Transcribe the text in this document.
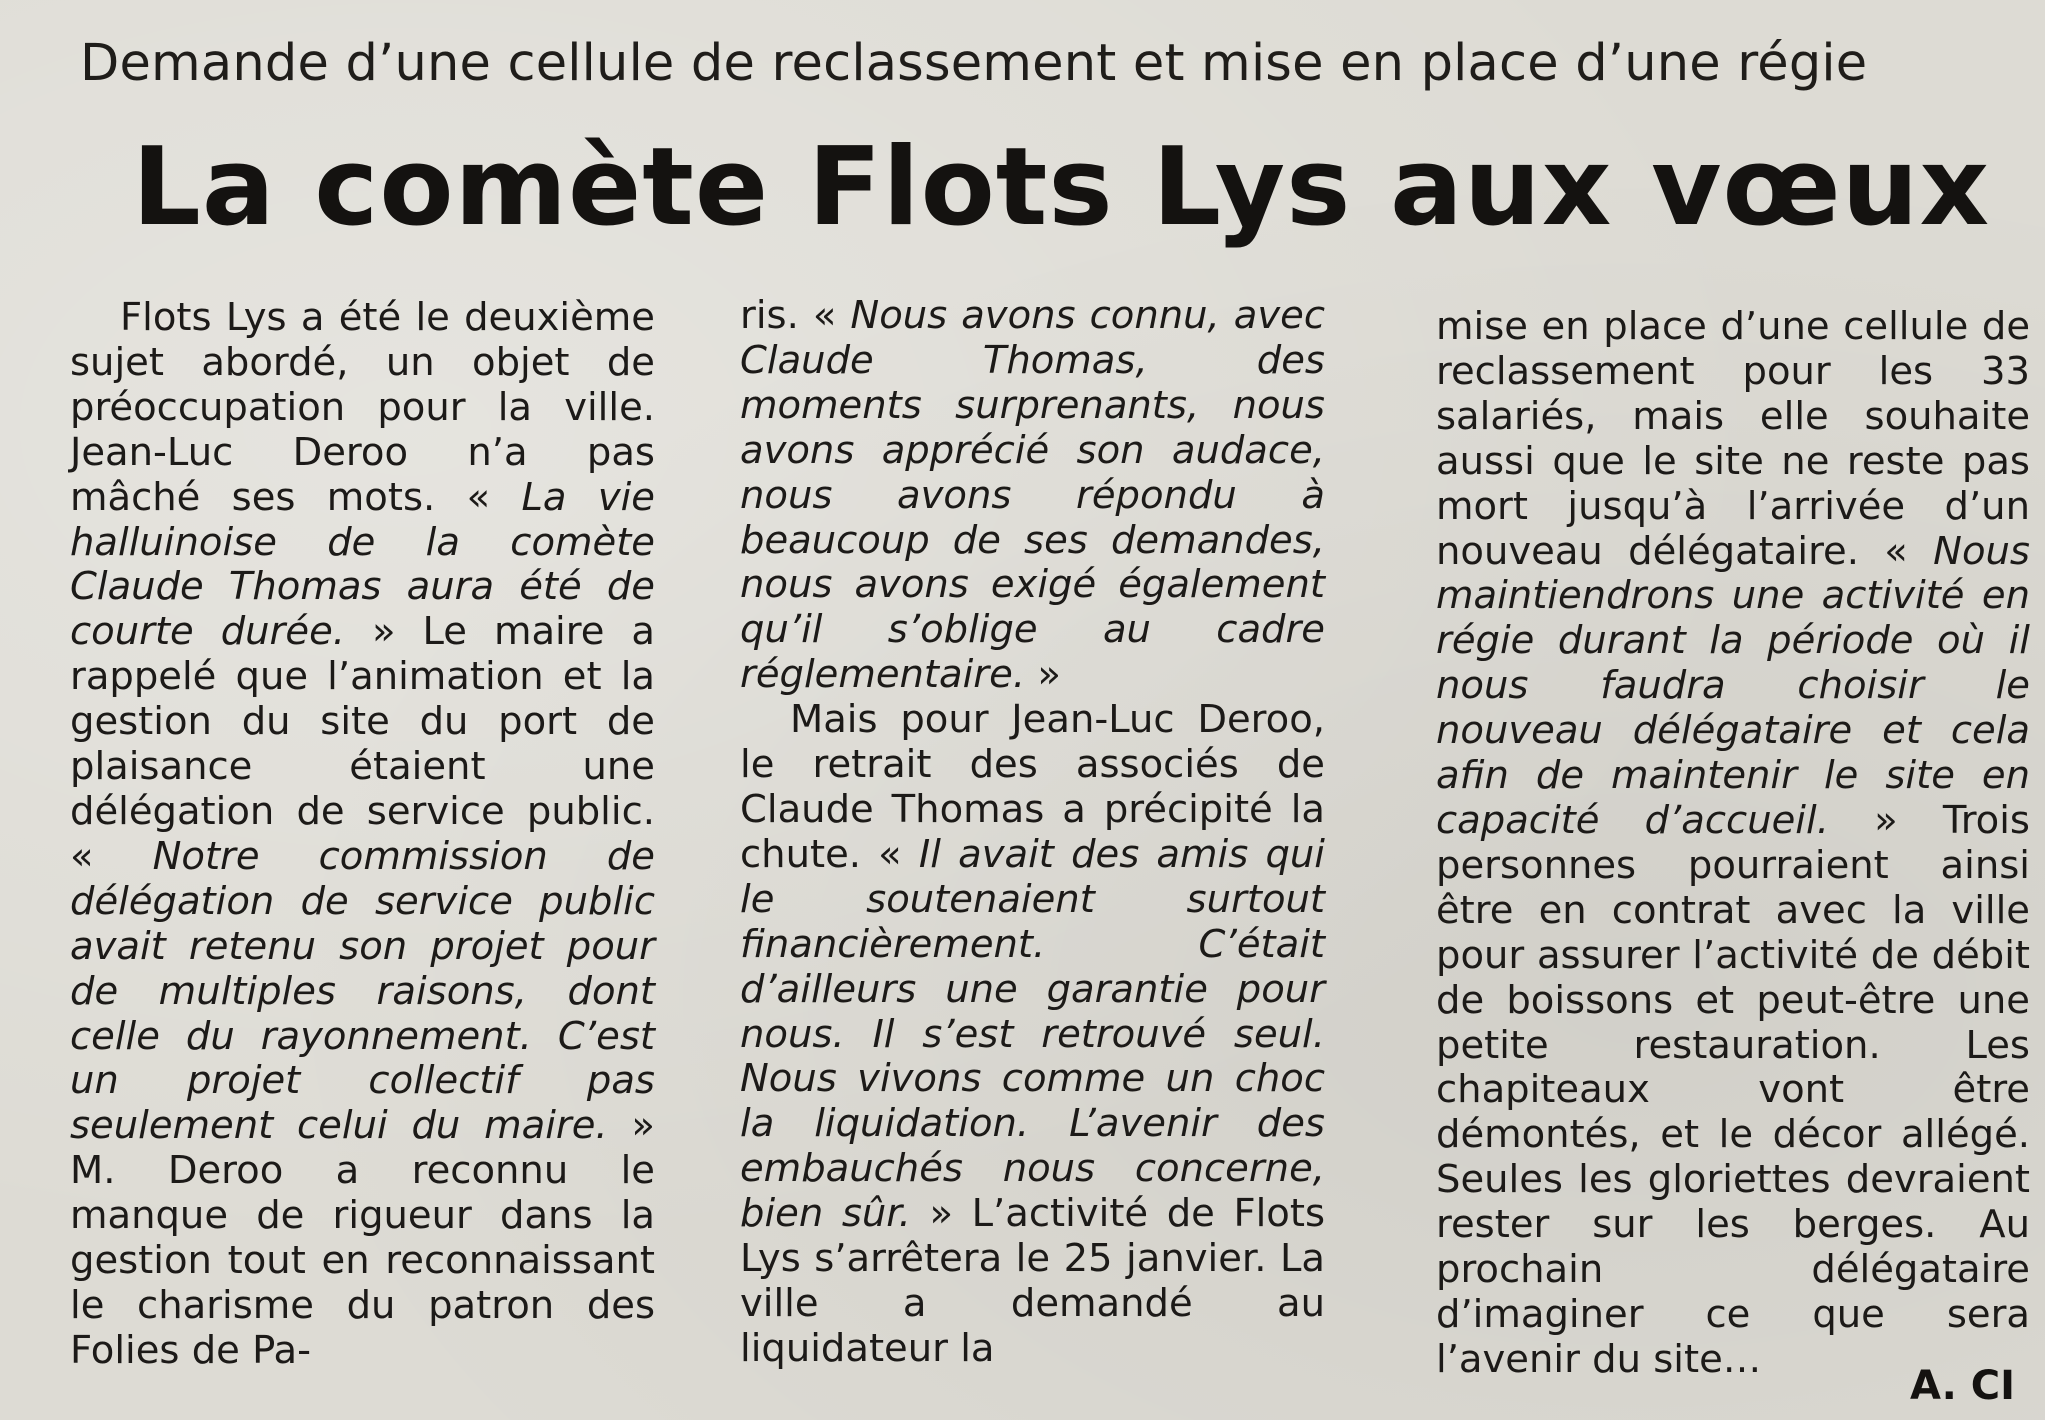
Demande d’une cellule de reclassement et mise en place d’une régie
La comète Flots Lys aux vœux

Flots Lys a été le deuxième sujet abordé, un objet de préoccupation pour la ville. Jean-Luc Deroo n’a pas mâché ses mots. « La vie halluinoise de la comète Claude Thomas aura été de courte durée. » Le maire a rappelé que l’animation et la gestion du site du port de plaisance étaient une délégation de service public. « Notre commission de délégation de service public avait retenu son projet pour de multiples raisons, dont celle du rayonnement. C’est un projet collectif pas seulement celui du maire. » M. Deroo a reconnu le manque de rigueur dans la gestion tout en reconnaissant le charisme du patron des Folies de Pa-

ris. « Nous avons connu, avec Claude Thomas, des moments surprenants, nous avons apprécié son audace, nous avons répondu à beaucoup de ses demandes, nous avons exigé également qu’il s’oblige au cadre réglementaire. »

Mais pour Jean-Luc Deroo, le retrait des associés de Claude Thomas a précipité la chute. « Il avait des amis qui le soutenaient surtout financièrement. C’était d’ailleurs une garantie pour nous. Il s’est retrouvé seul. Nous vivons comme un choc la liquidation. L’avenir des embauchés nous concerne, bien sûr. » L’activité de Flots Lys s’arrêtera le 25 janvier. La ville a demandé au liquidateur la

mise en place d’une cellule de reclassement pour les 33 salariés, mais elle souhaite aussi que le site ne reste pas mort jusqu’à l’arrivée d’un nouveau délégataire. « Nous maintiendrons une activité en régie durant la période où il nous faudra choisir le nouveau délégataire et cela afin de maintenir le site en capacité d’accueil. » Trois personnes pourraient ainsi être en contrat avec la ville pour assurer l’activité de débit de boissons et peut-être une petite restauration. Les chapiteaux vont être démontés, et le décor allégé. Seules les gloriettes devraient rester sur les berges. Au prochain délégataire d’imaginer ce que sera l’avenir du site…

A. CI
